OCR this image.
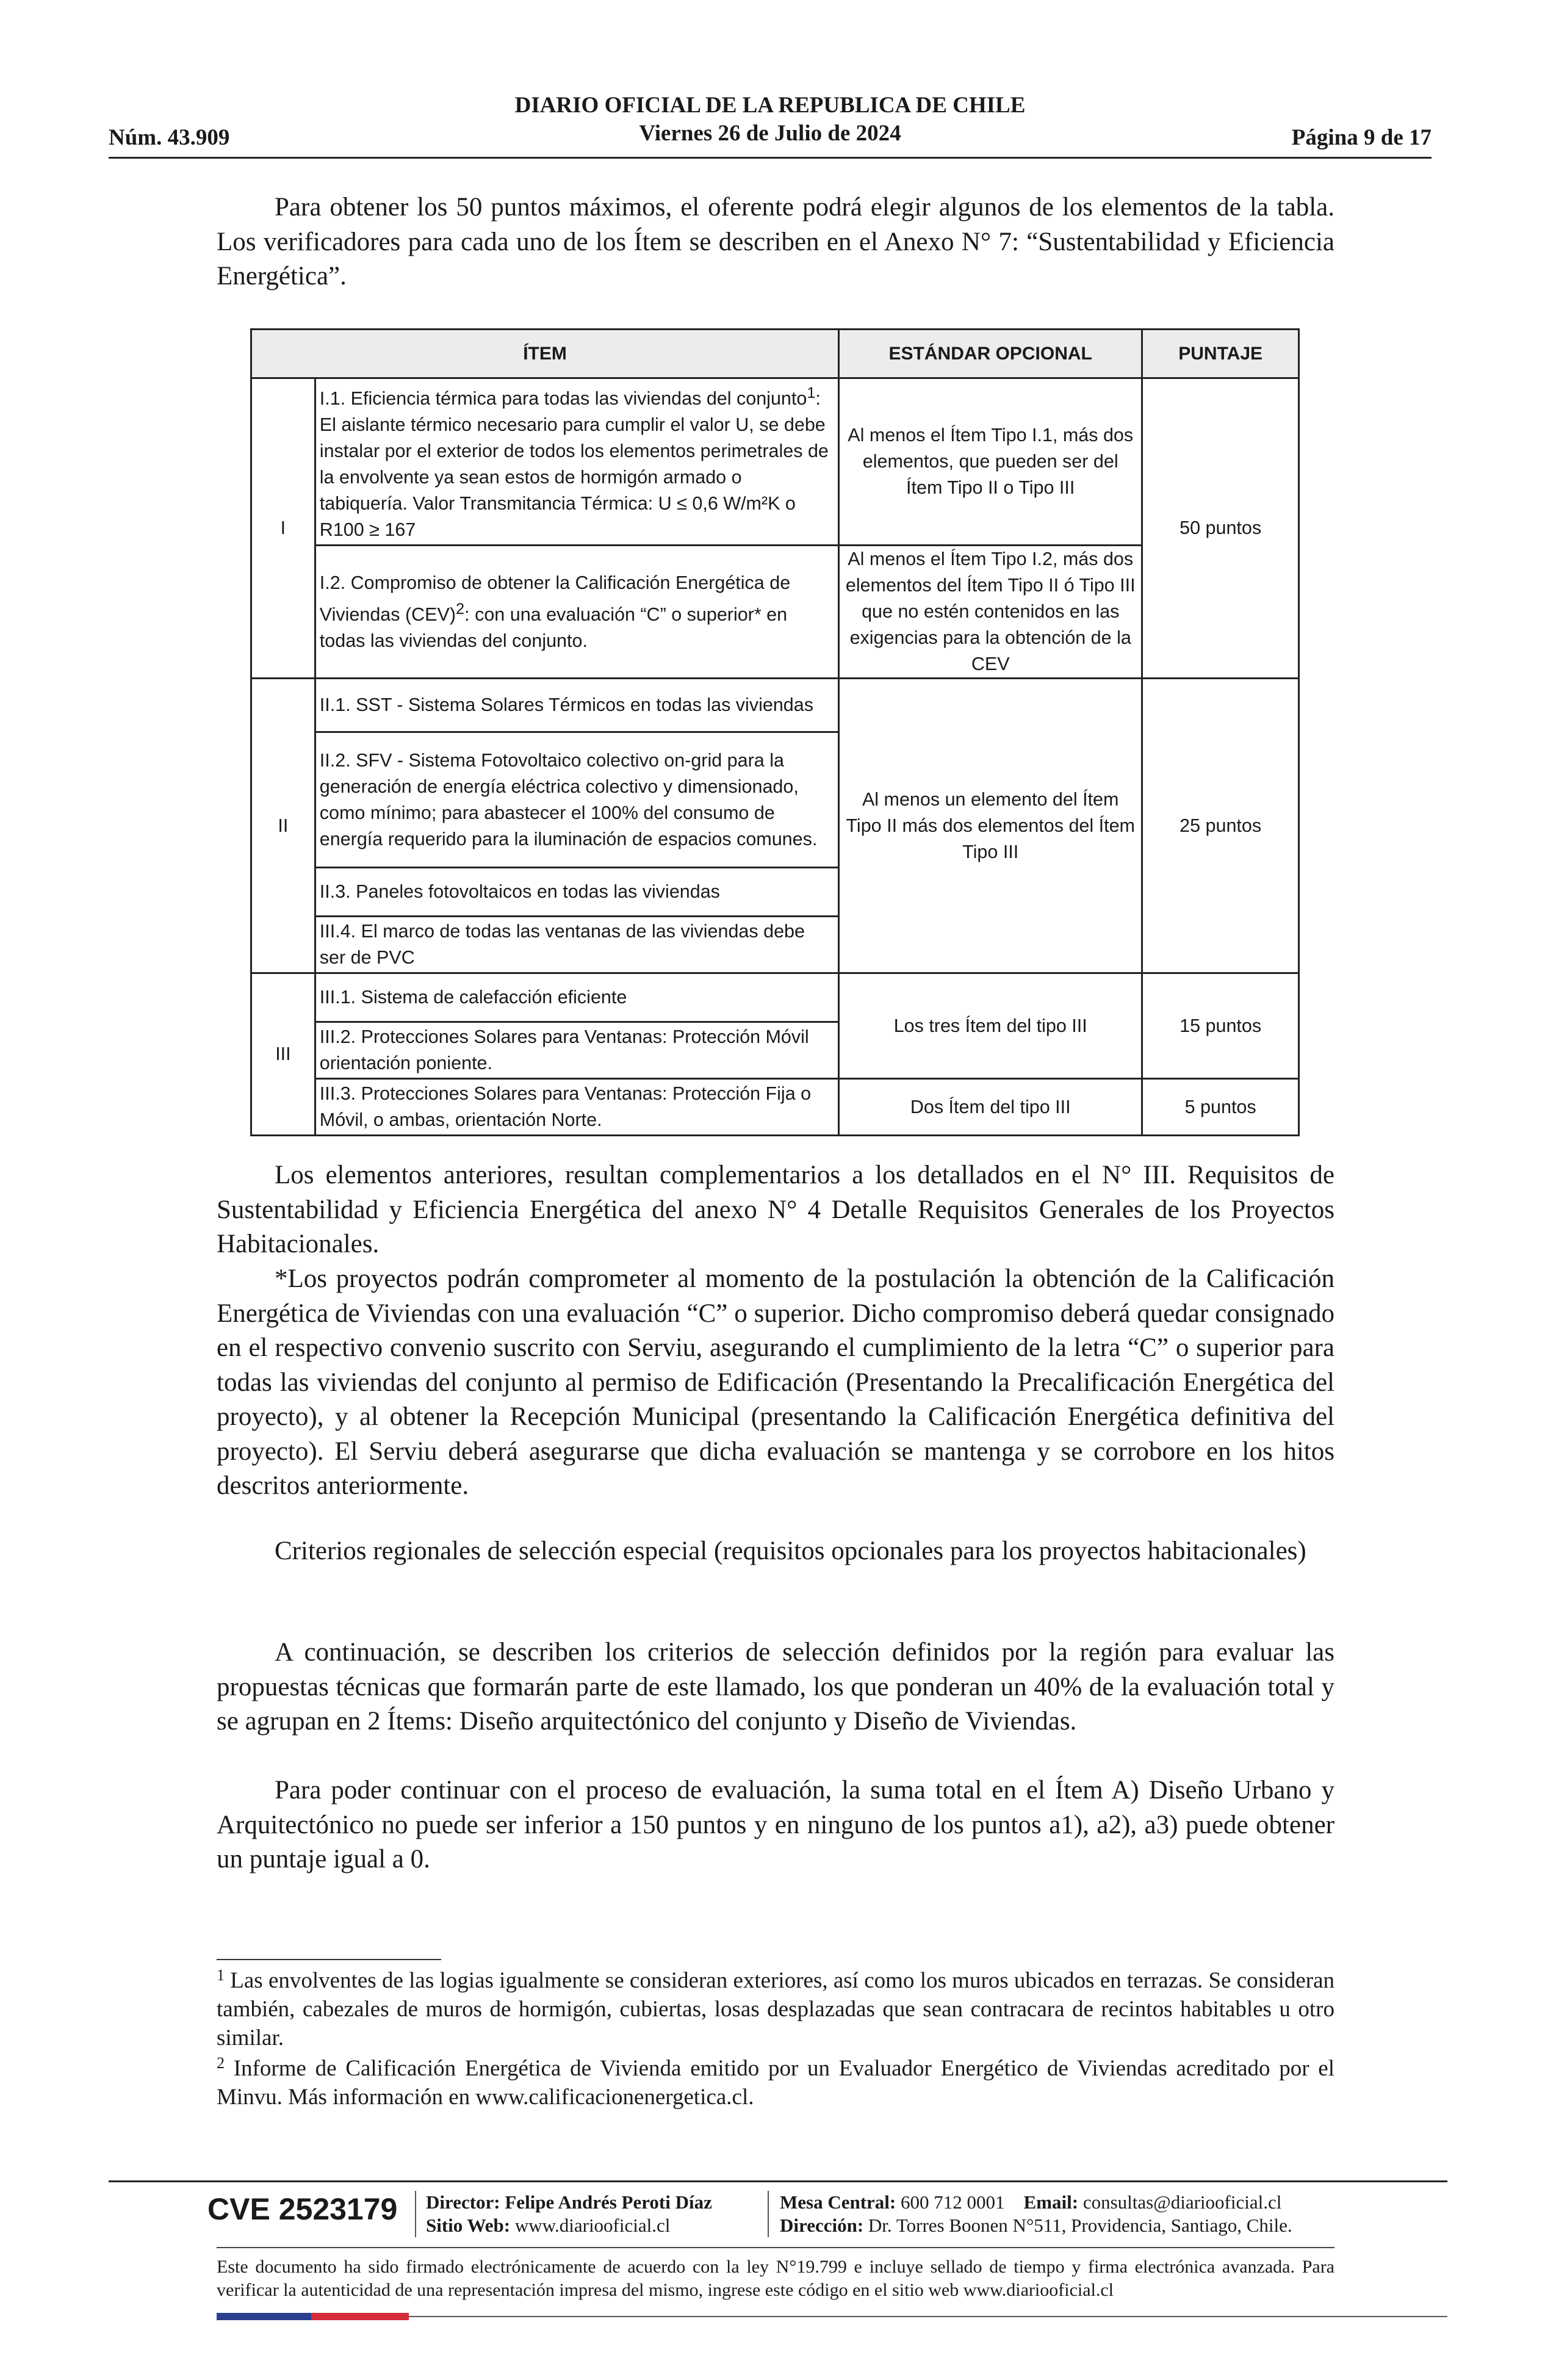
DIARIO OFICIAL DE LA REPUBLICA DE CHILE
Viernes 26 de Julio de 2024
Núm. 43.909	Página 9 de 17

Para obtener los 50 puntos máximos, el oferente podrá elegir algunos de los elementos de la tabla. Los verificadores para cada uno de los Ítem se describen en el Anexo N° 7: “Sustentabilidad y Eficiencia Energética”.

ÍTEM		ESTÁNDAR OPCIONAL	PUNTAJE
I	I.1. Eficiencia térmica para todas las viviendas del conjunto$^1$: El aislante térmico necesario para cumplir el valor U, se debe instalar por el exterior de todos los elementos perimetrales de la envolvente ya sean estos de hormigón armado o tabiquería. Valor Transmitancia Térmica: U ≤ 0,6 W/m²K o R100 ≥ 167	Al menos el Ítem Tipo I.1, más dos elementos, que pueden ser del Ítem Tipo II o Tipo III	50 puntos
	I.2. Compromiso de obtener la Calificación Energética de Viviendas (CEV)$^2$: con una evaluación “C” o superior* en todas las viviendas del conjunto.	Al menos el Ítem Tipo I.2, más dos elementos del Ítem Tipo II ó Tipo III que no estén contenidos en las exigencias para la obtención de la CEV	
II	II.1. SST - Sistema Solares Térmicos en todas las viviendas	Al menos un elemento del Ítem Tipo II más dos elementos del Ítem Tipo III	25 puntos
	II.2. SFV - Sistema Fotovoltaico colectivo on-grid para la generación de energía eléctrica colectivo y dimensionado, como mínimo; para abastecer el 100% del consumo de energía requerido para la iluminación de espacios comunes.		
	II.3. Paneles fotovoltaicos en todas las viviendas		
	III.4. El marco de todas las ventanas de las viviendas debe ser de PVC		
III	III.1. Sistema de calefacción eficiente	Los tres Ítem del tipo III	15 puntos
	III.2. Protecciones Solares para Ventanas: Protección Móvil orientación poniente.		
	III.3. Protecciones Solares para Ventanas: Protección Fija o Móvil, o ambas, orientación Norte.	Dos Ítem del tipo III	5 puntos

Los elementos anteriores, resultan complementarios a los detallados en el N° III. Requisitos de Sustentabilidad y Eficiencia Energética del anexo N° 4 Detalle Requisitos Generales de los Proyectos Habitacionales.

*Los proyectos podrán comprometer al momento de la postulación la obtención de la Calificación Energética de Viviendas con una evaluación “C” o superior. Dicho compromiso deberá quedar consignado en el respectivo convenio suscrito con Serviu, asegurando el cumplimiento de la letra “C” o superior para todas las viviendas del conjunto al permiso de Edificación (Presentando la Precalificación Energética del proyecto), y al obtener la Recepción Municipal (presentando la Calificación Energética definitiva del proyecto). El Serviu deberá asegurarse que dicha evaluación se mantenga y se corrobore en los hitos descritos anteriormente.

Criterios regionales de selección especial (requisitos opcionales para los proyectos habitacionales)

A continuación, se describen los criterios de selección definidos por la región para evaluar las propuestas técnicas que formarán parte de este llamado, los que ponderan un 40% de la evaluación total y se agrupan en 2 Ítems: Diseño arquitectónico del conjunto y Diseño de Viviendas.

Para poder continuar con el proceso de evaluación, la suma total en el Ítem A) Diseño Urbano y Arquitectónico no puede ser inferior a 150 puntos y en ninguno de los puntos a1), a2), a3) puede obtener un puntaje igual a 0.

$^1$ Las envolventes de las logias igualmente se consideran exteriores, así como los muros ubicados en terrazas. Se consideran también, cabezales de muros de hormigón, cubiertas, losas desplazadas que sean contracara de recintos habitables u otro similar.

$^2$ Informe de Calificación Energética de Vivienda emitido por un Evaluador Energético de Viviendas acreditado por el Minvu. Más información en www.calificacionenergetica.cl.

CVE 2523179 Director: Felipe Andrés Peroti Díaz
Sitio Web: www.diariooficial.cl
Mesa Central: 600 712 0001 Email: consultas@diariooficial.cl
Dirección: Dr. Torres Boonen N°511, Providencia, Santiago, Chile.

Este documento ha sido firmado electrónicamente de acuerdo con la ley N°19.799 e incluye sellado de tiempo y firma electrónica avanzada. Para verificar la autenticidad de una representación impresa del mismo, ingrese este código en el sitio web www.diariooficial.cl
